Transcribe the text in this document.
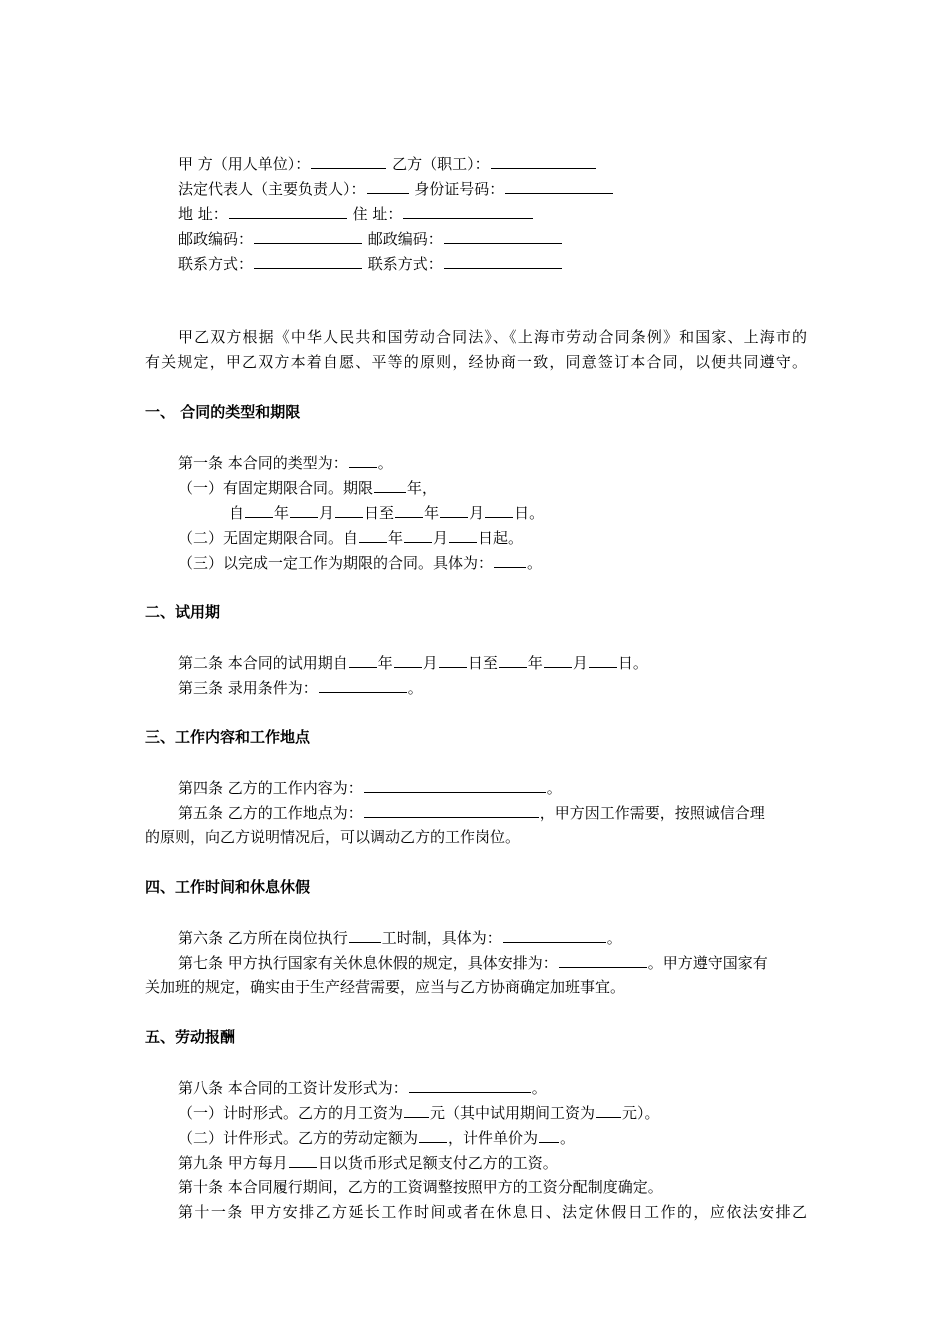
甲 方（用人单位）：	乙方（职工）：
法定代表人（主要负责人）：	身份证号码：
地 址：	住 址：
邮政编码：	邮政编码：
联系方式：	联系方式：
甲乙双方根据《中华人民共和国劳动合同法》、《上海市劳动合同条例》和国家、上海市的
有关规定，甲乙双方本着自愿、平等的原则，经协商一致，同意签订本合同，以便共同遵守。
一、 合同的类型和期限
第一条 本合同的类型为： 。
（一）有固定期限合同。期限 年，
自 年 月 日至 年 月 日。
（二）无固定期限合同。自 年 月 日起。
（三）以完成一定工作为期限的合同。具体为： 。
二、试用期
第二条 本合同的试用期自 年 月 日至 年 月 日。
第三条 录用条件为：	。
三、工作内容和工作地点
第四条 乙方的工作内容为：	。
第五条 乙方的工作地点为：	，甲方因工作需要，按照诚信合理
的原则，向乙方说明情况后，可以调动乙方的工作岗位。
四、工作时间和休息休假
第六条 乙方所在岗位执行 工时制，具体为：	。
第七条 甲方执行国家有关休息休假的规定，具体安排为：	。甲方遵守国家有
关加班的规定，确实由于生产经营需要，应当与乙方协商确定加班事宜。
五、劳动报酬
第八条 本合同的工资计发形式为：	。
（一）计时形式。乙方的月工资为 元（其中试用期间工资为 元）。
（二）计件形式。乙方的劳动定额为 ，计件单价为 。
第九条 甲方每月 日以货币形式足额支付乙方的工资。
第十条 本合同履行期间，乙方的工资调整按照甲方的工资分配制度确定。
第十一条 甲方安排乙方延长工作时间或者在休息日、法定休假日工作的，应依法安排乙
